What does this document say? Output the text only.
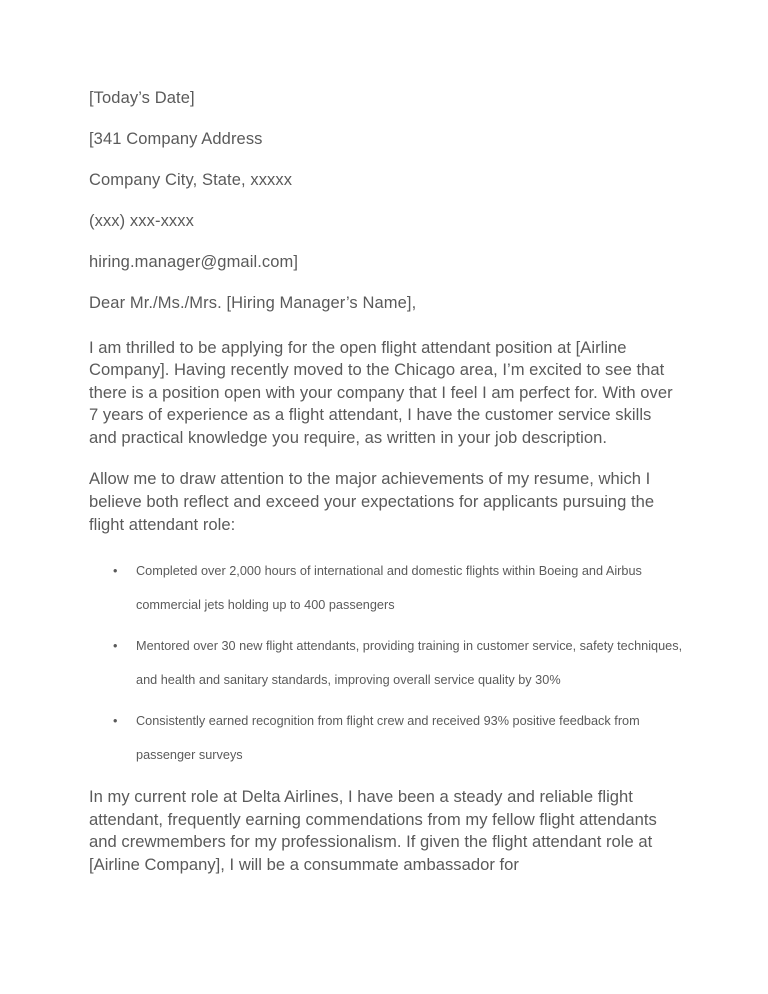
[Today’s Date]
[341 Company Address
Company City, State, xxxxx
(xxx) xxx-xxxx
hiring.manager@gmail.com]
Dear Mr./Ms./Mrs. [Hiring Manager’s Name],

I am thrilled to be applying for the open flight attendant position at [Airline Company]. Having recently moved to the Chicago area, I’m excited to see that there is a position open with your company that I feel I am perfect for. With over 7 years of experience as a flight attendant, I have the customer service skills and practical knowledge you require, as written in your job description.

Allow me to draw attention to the major achievements of my resume, which I believe both reflect and exceed your expectations for applicants pursuing the flight attendant role:

• Completed over 2,000 hours of international and domestic flights within Boeing and Airbus commercial jets holding up to 400 passengers
• Mentored over 30 new flight attendants, providing training in customer service, safety techniques, and health and sanitary standards, improving overall service quality by 30%
• Consistently earned recognition from flight crew and received 93% positive feedback from passenger surveys

In my current role at Delta Airlines, I have been a steady and reliable flight attendant, frequently earning commendations from my fellow flight attendants and crewmembers for my professionalism. If given the flight attendant role at [Airline Company], I will be a consummate ambassador for
